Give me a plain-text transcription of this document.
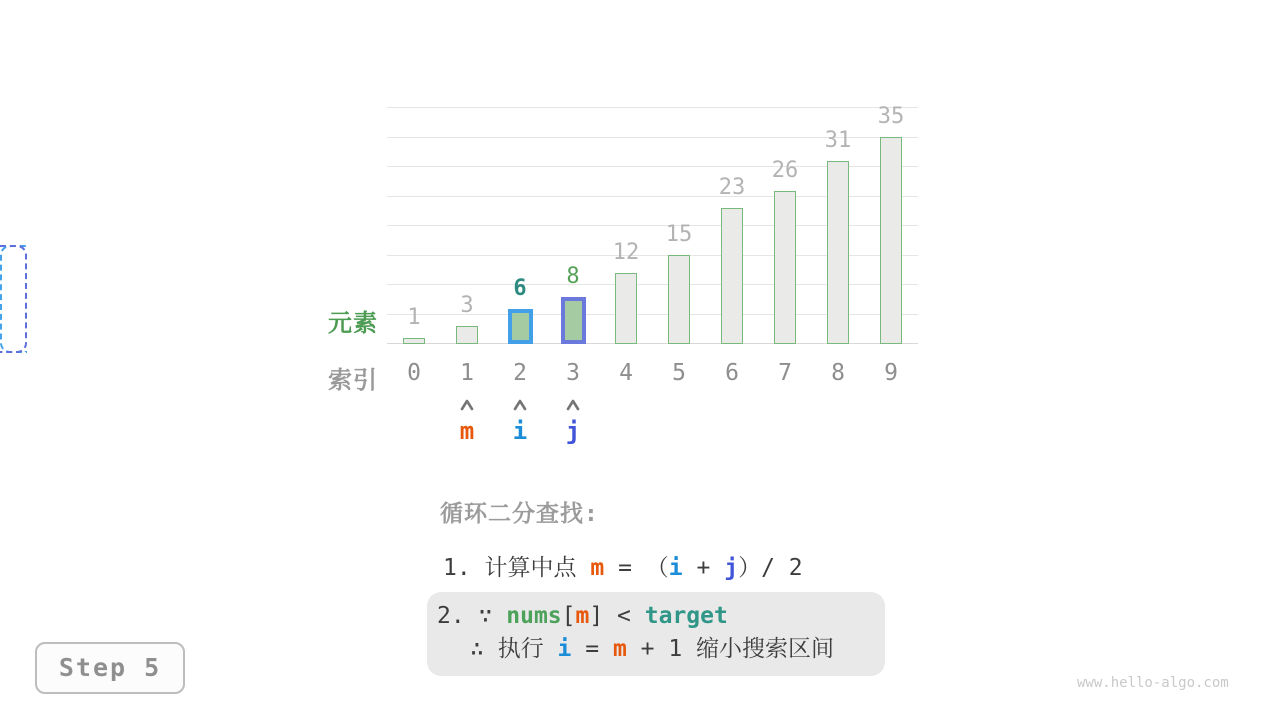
1	3
6	8
12
15
23
26
31
35
元素
索引	0	1	2	3	4	5	6	7	8	9
m	i	j
循环二分查找:
1. 计算中点 m = （i + j）/ 2
2. ∵ nums[m] < target
∴ 执行 i = m + 1 缩小搜索区间
Step 5
www.hello-algo.com
